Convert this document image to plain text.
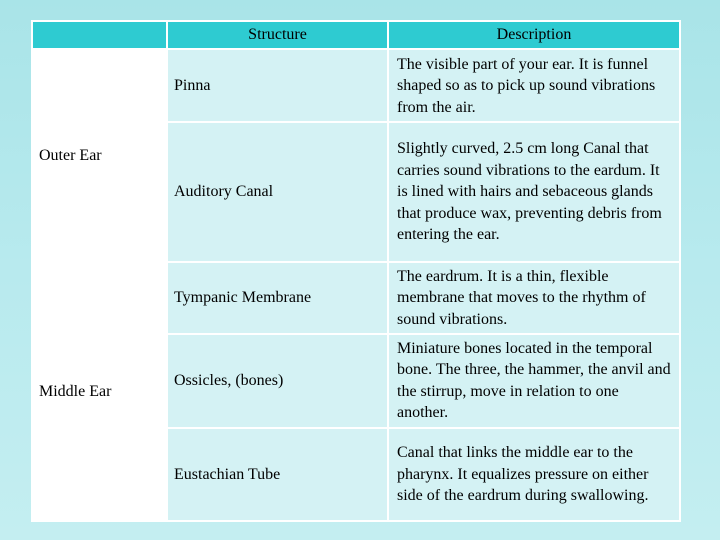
	Structure	Description
Outer Ear	Pinna	The visible part of your ear. It is funnel shaped so as to pick up sound vibrations from the air.
	Auditory Canal	Slightly curved, 2.5 cm long Canal that carries sound vibrations to the eardum. It is lined with hairs and sebaceous glands that produce wax, preventing debris from entering the ear.
Middle Ear	Tympanic Membrane	The eardrum. It is a thin, flexible membrane that moves to the rhythm of sound vibrations.
	Ossicles, (bones)	Miniature bones located in the temporal bone. The three, the hammer, the anvil and the stirrup, move in relation to one another.
	Eustachian Tube	Canal that links the middle ear to the pharynx. It equalizes pressure on either side of the eardrum during swallowing.
